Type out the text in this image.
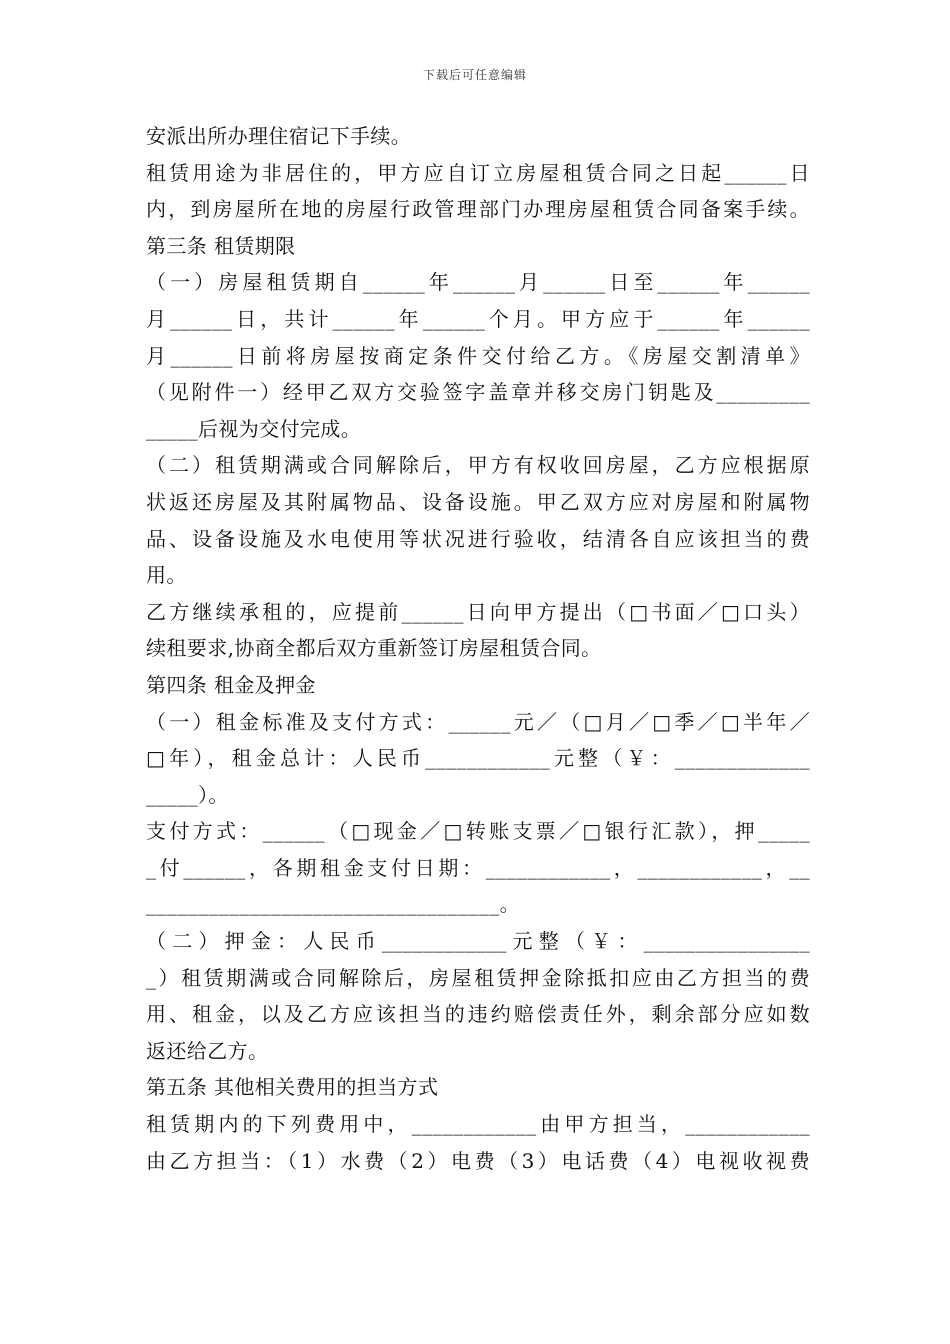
下载后可任意编辑
安派出所办理住宿记下手续。
租赁用途为非居住的，甲方应自订立房屋租赁合同之日起______日
内，到房屋所在地的房屋行政管理部门办理房屋租赁合同备案手续。
第三条 租赁期限
（一）房屋租赁期自______年______月______日至______年______
月______日，共计______年______个月。甲方应于______年______
月______日前将房屋按商定条件交付给乙方。《房屋交割清单》
（见附件一）经甲乙双方交验签字盖章并移交房门钥匙及_________
_____后视为交付完成。
（二）租赁期满或合同解除后，甲方有权收回房屋，乙方应根据原
状返还房屋及其附属物品、设备设施。甲乙双方应对房屋和附属物
品、设备设施及水电使用等状况进行验收，结清各自应该担当的费
用。
乙方继续承租的，应提前______日向甲方提出（□书面／□口头）
续租要求,协商全都后双方重新签订房屋租赁合同。
第四条 租金及押金
（一）租金标准及支付方式：______元／（□月／□季／□半年／
□年），租金总计：人民币____________元整（￥：_____________
_____）。
支付方式：______（□现金／□转账支票／□银行汇款），押_____
_付______，各期租金支付日期：____________，____________，__
__________________________________。
（二）押金：人民币____________元整（￥：________________
_）租赁期满或合同解除后，房屋租赁押金除抵扣应由乙方担当的费
用、租金，以及乙方应该担当的违约赔偿责任外，剩余部分应如数
返还给乙方。
第五条 其他相关费用的担当方式
租赁期内的下列费用中，____________由甲方担当，____________
由乙方担当：（1）水费（2）电费（3）电话费（4）电视收视费
